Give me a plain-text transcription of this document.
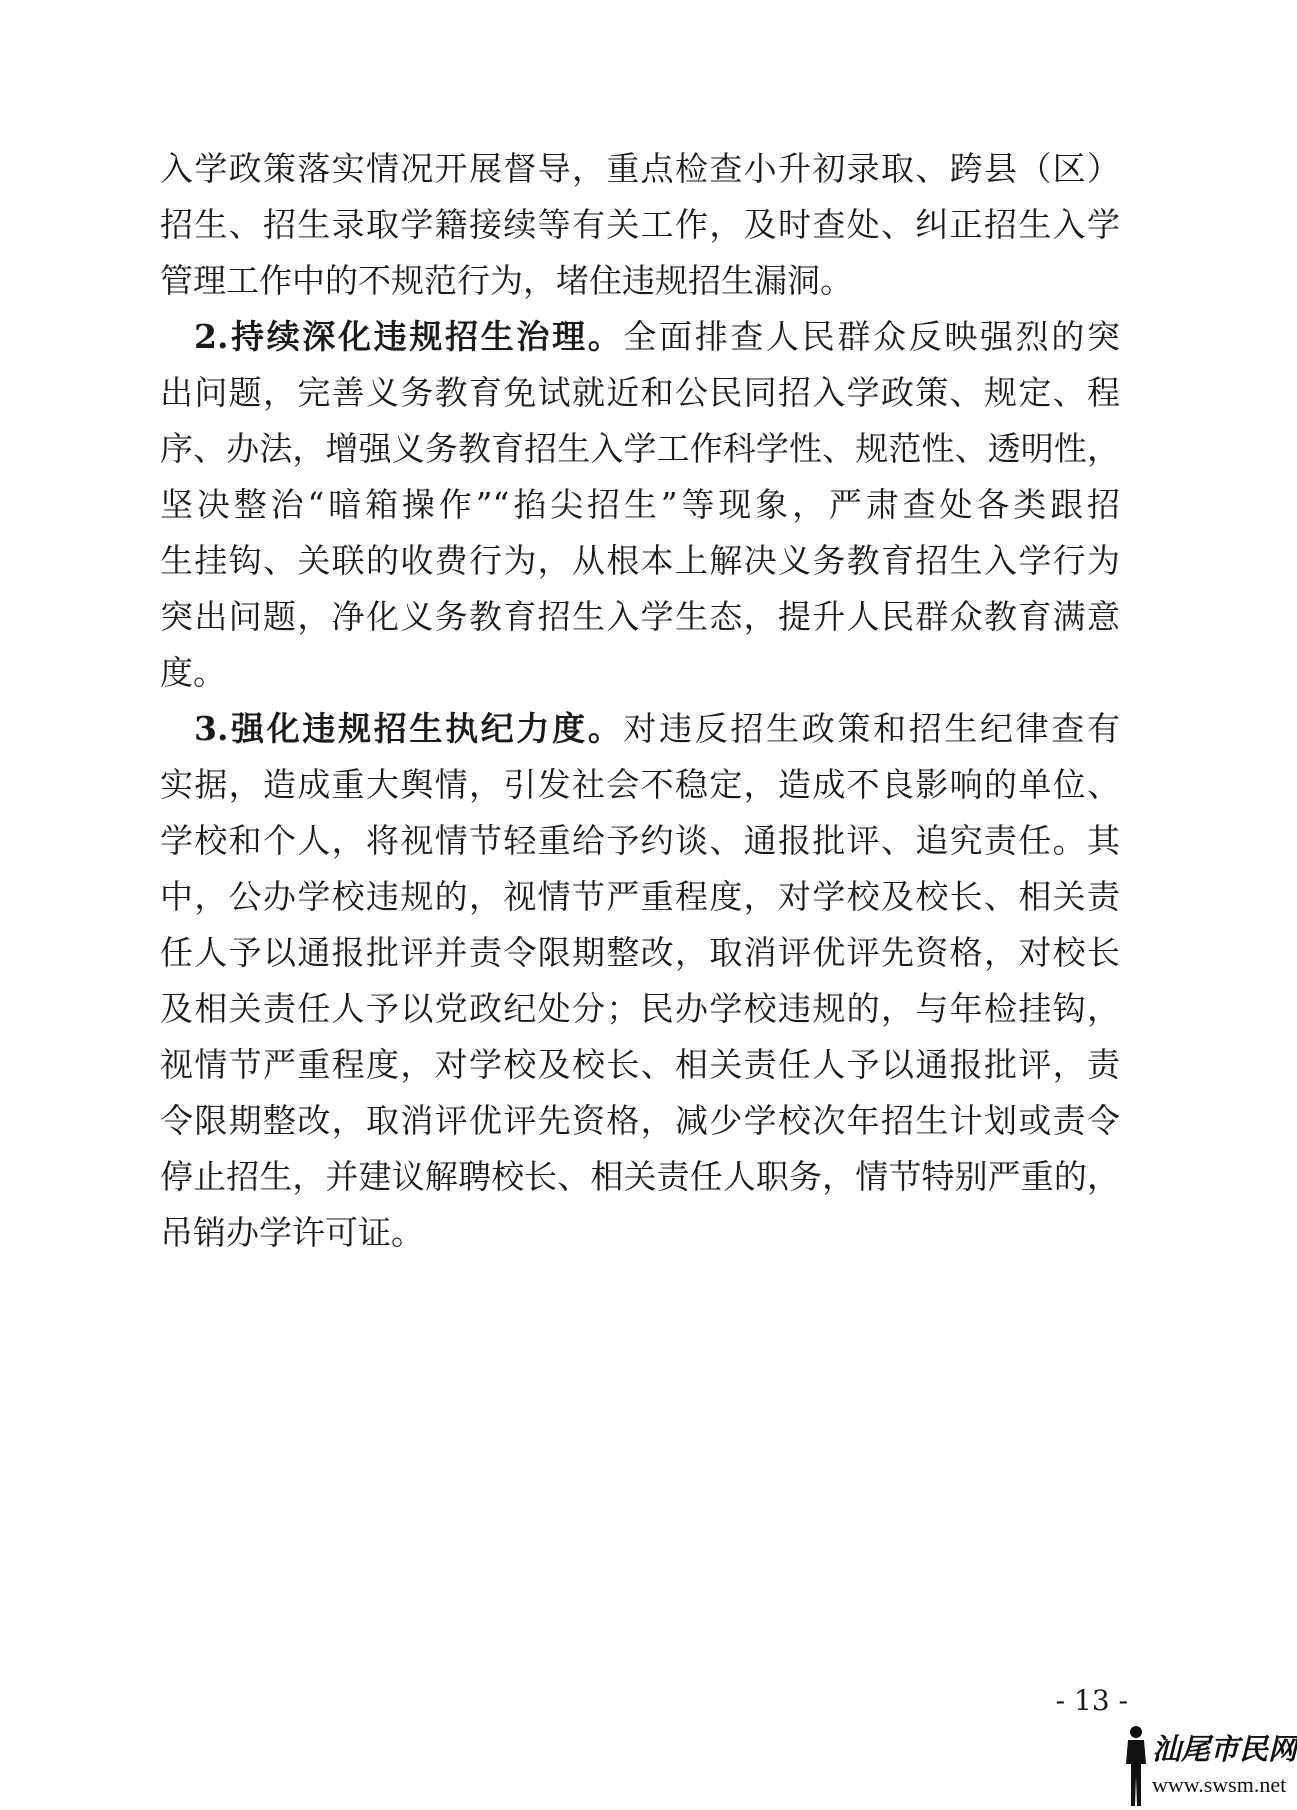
入学政策落实情况开展督导，重点检查小升初录取、跨县（区）
招生、招生录取学籍接续等有关工作，及时查处、纠正招生入学
管理工作中的不规范行为，堵住违规招生漏洞。
2.持续深化违规招生治理。全面排查人民群众反映强烈的突
出问题，完善义务教育免试就近和公民同招入学政策、规定、程
序、办法，增强义务教育招生入学工作科学性、规范性、透明性，
坚决整治“暗箱操作”“掐尖招生”等现象，严肃查处各类跟招
生挂钩、关联的收费行为，从根本上解决义务教育招生入学行为
突出问题，净化义务教育招生入学生态，提升人民群众教育满意
度。
3.强化违规招生执纪力度。对违反招生政策和招生纪律查有
实据，造成重大舆情，引发社会不稳定，造成不良影响的单位、
学校和个人，将视情节轻重给予约谈、通报批评、追究责任。其
中，公办学校违规的，视情节严重程度，对学校及校长、相关责
任人予以通报批评并责令限期整改，取消评优评先资格，对校长
及相关责任人予以党政纪处分；民办学校违规的，与年检挂钩，
视情节严重程度，对学校及校长、相关责任人予以通报批评，责
令限期整改，取消评优评先资格，减少学校次年招生计划或责令
停止招生，并建议解聘校长、相关责任人职务，情节特别严重的，
吊销办学许可证。
- 13 -
汕尾市民网
www.swsm.net
